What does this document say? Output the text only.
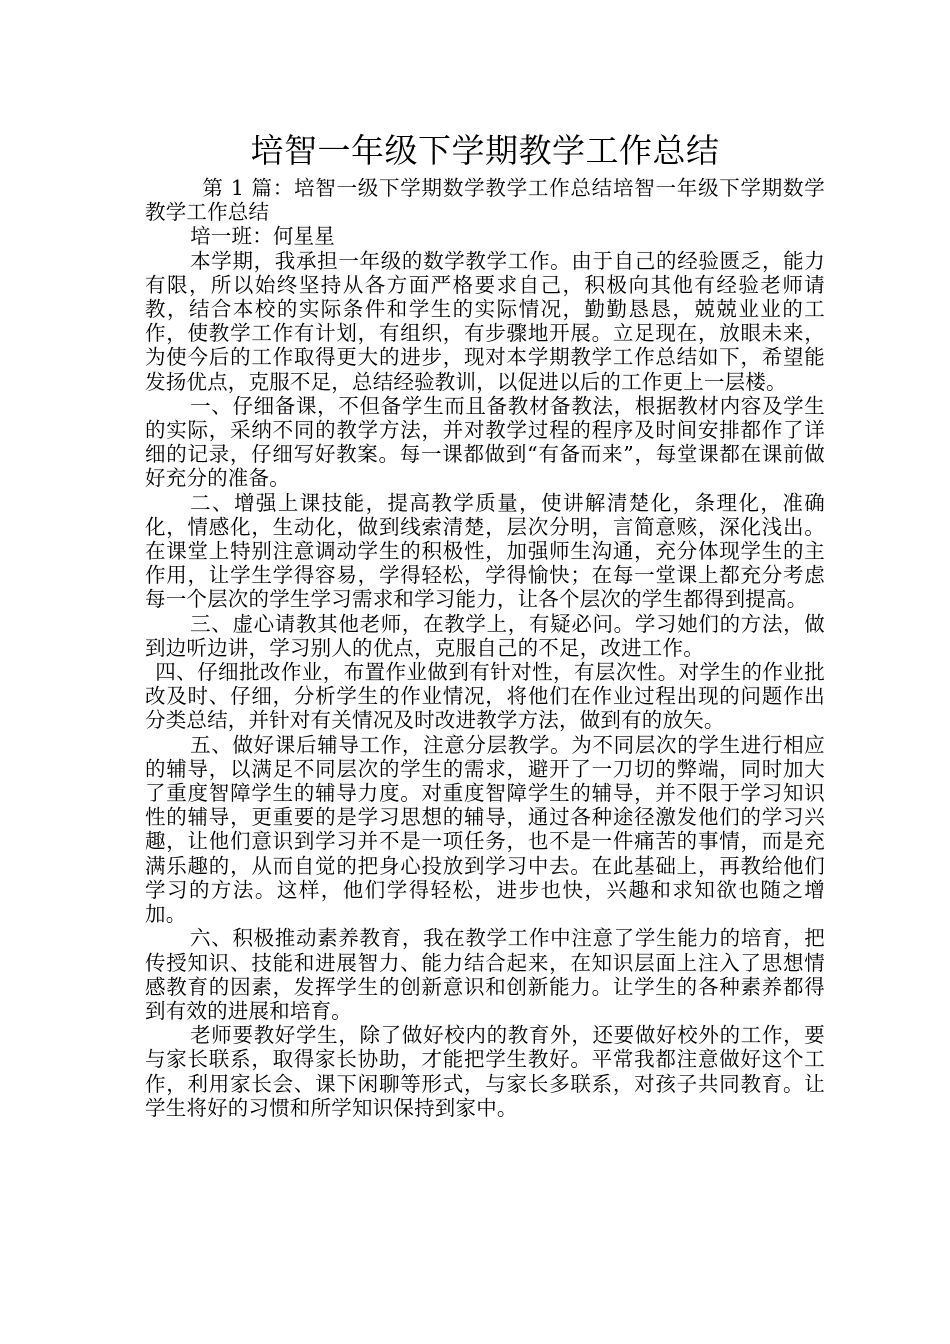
培智一年级下学期教学工作总结

第 1 篇：培智一级下学期数学教学工作总结培智一年级下学期数学教学工作总结

培一班：何星星

本学期，我承担一年级的数学教学工作。由于自己的经验匮乏，能力有限，所以始终坚持从各方面严格要求自己，积极向其他有经验老师请教，结合本校的实际条件和学生的实际情况，勤勤恳恳，兢兢业业的工作，使教学工作有计划，有组织，有步骤地开展。立足现在，放眼未来，为使今后的工作取得更大的进步，现对本学期教学工作总结如下，希望能发扬优点，克服不足，总结经验教训，以促进以后的工作更上一层楼。

一、仔细备课，不但备学生而且备教材备教法，根据教材内容及学生的实际，采纳不同的教学方法，并对教学过程的程序及时间安排都作了详细的记录，仔细写好教案。每一课都做到“有备而来”，每堂课都在课前做好充分的准备。

二、增强上课技能，提高教学质量，使讲解清楚化，条理化，准确化，情感化，生动化，做到线索清楚，层次分明，言简意赅，深化浅出。在课堂上特别注意调动学生的积极性，加强师生沟通，充分体现学生的主作用，让学生学得容易，学得轻松，学得愉快；在每一堂课上都充分考虑每一个层次的学生学习需求和学习能力，让各个层次的学生都得到提高。

三、虚心请教其他老师，在教学上，有疑必问。学习她们的方法，做到边听边讲，学习别人的优点，克服自己的不足，改进工作。

四、仔细批改作业，布置作业做到有针对性，有层次性。对学生的作业批改及时、仔细，分析学生的作业情况，将他们在作业过程出现的问题作出分类总结，并针对有关情况及时改进教学方法，做到有的放矢。

五、做好课后辅导工作，注意分层教学。为不同层次的学生进行相应的辅导，以满足不同层次的学生的需求，避开了一刀切的弊端，同时加大了重度智障学生的辅导力度。对重度智障学生的辅导，并不限于学习知识性的辅导，更重要的是学习思想的辅导，通过各种途径激发他们的学习兴趣，让他们意识到学习并不是一项任务，也不是一件痛苦的事情，而是充满乐趣的，从而自觉的把身心投放到学习中去。在此基础上，再教给他们学习的方法。这样，他们学得轻松，进步也快，兴趣和求知欲也随之增加。

六、积极推动素养教育，我在教学工作中注意了学生能力的培育，把传授知识、技能和进展智力、能力结合起来，在知识层面上注入了思想情感教育的因素，发挥学生的创新意识和创新能力。让学生的各种素养都得到有效的进展和培育。

老师要教好学生，除了做好校内的教育外，还要做好校外的工作，要与家长联系，取得家长协助，才能把学生教好。平常我都注意做好这个工作，利用家长会、课下闲聊等形式，与家长多联系，对孩子共同教育。让学生将好的习惯和所学知识保持到家中。
